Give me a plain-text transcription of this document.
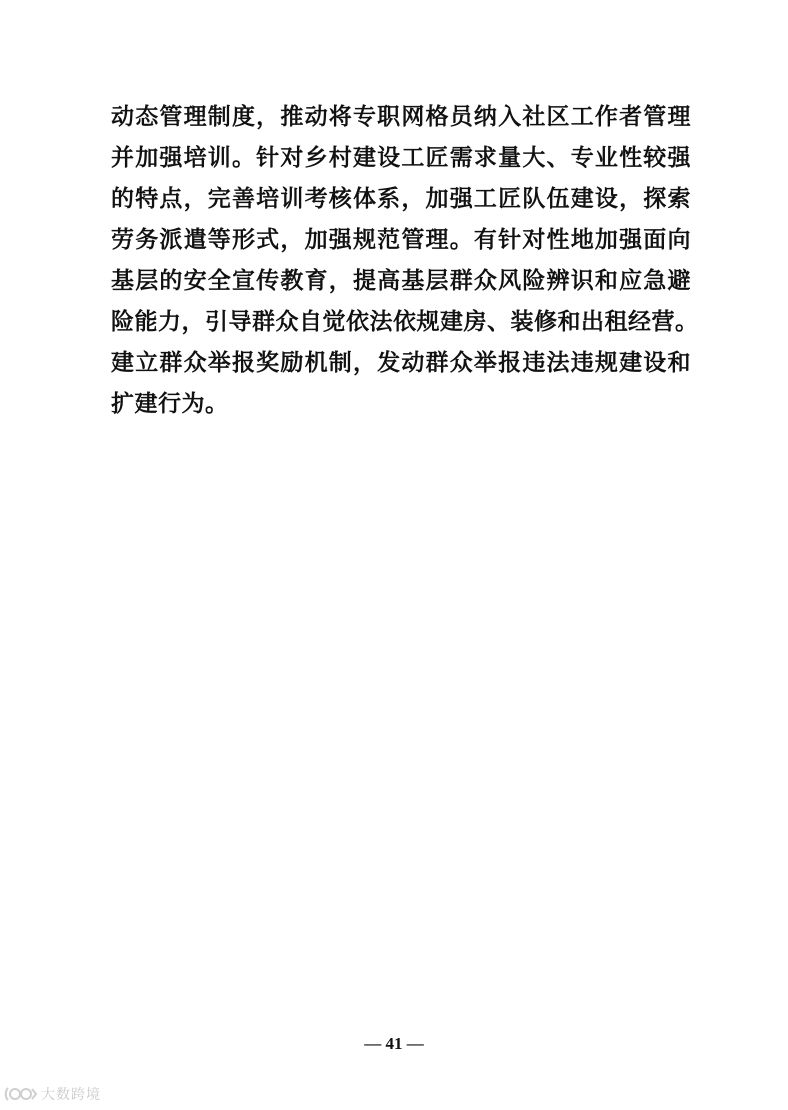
动态管理制度，推动将专职网格员纳入社区工作者管理
并加强培训。针对乡村建设工匠需求量大、专业性较强
的特点，完善培训考核体系，加强工匠队伍建设，探索
劳务派遣等形式，加强规范管理。有针对性地加强面向
基层的安全宣传教育，提高基层群众风险辨识和应急避
险能力，引导群众自觉依法依规建房、装修和出租经营。
建立群众举报奖励机制，发动群众举报违法违规建设和
扩建行为。
— 41 —
大数跨境
